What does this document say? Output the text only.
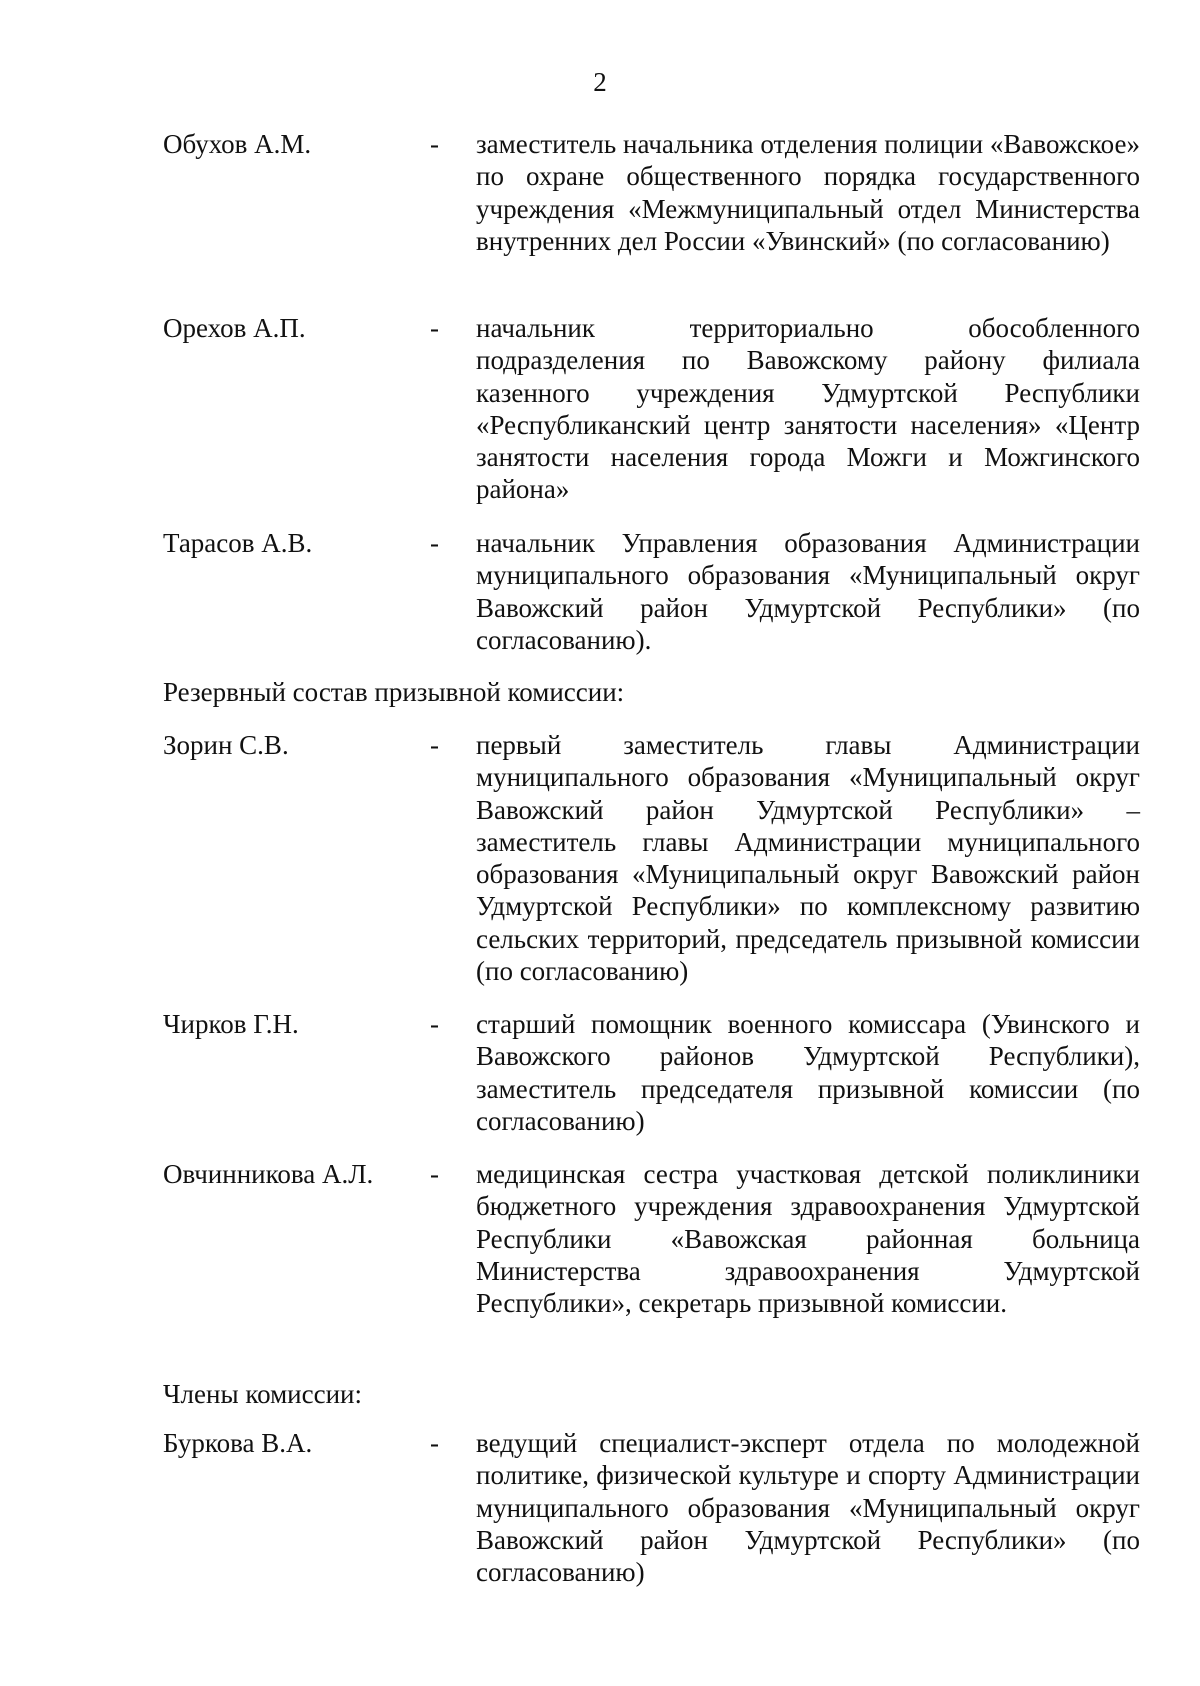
2
Обухов А.М.	- заместитель начальника отделения полиции «Вавожское» по охране общественного порядка государственного учреждения «Межмуниципальный отдел Министерства внутренних дел России «Увинский» (по согласованию)
Орехов А.П.	- начальник территориально обособленного подразделения по Вавожскому району филиала казенного учреждения Удмуртской Республики «Республиканский центр занятости населения» «Центр занятости населения города Можги и Можгинского района»
Тарасов А.В.	- начальник Управления образования Администрации муниципального образования «Муниципальный округ Вавожский район Удмуртской Республики» (по согласованию).
Резервный состав призывной комиссии:
Зорин С.В.	- первый заместитель главы Администрации муниципального образования «Муниципальный округ Вавожский район Удмуртской Республики» – заместитель главы Администрации муниципального образования «Муниципальный округ Вавожский район Удмуртской Республики» по комплексному развитию сельских территорий, председатель призывной комиссии (по согласованию)
Чирков Г.Н.	- старший помощник военного комиссара (Увинского и Вавожского районов Удмуртской Республики), заместитель председателя призывной комиссии (по согласованию)
Овчинникова А.Л. - медицинская сестра участковая детской поликлиники бюджетного учреждения здравоохранения Удмуртской Республики «Вавожская районная больница Министерства здравоохранения Удмуртской Республики», секретарь призывной комиссии.
Члены комиссии:
Буркова В.А.	- ведущий специалист-эксперт отдела по молодежной политике, физической культуре и спорту Администрации муниципального образования «Муниципальный округ Вавожский район Удмуртской Республики» (по согласованию)
